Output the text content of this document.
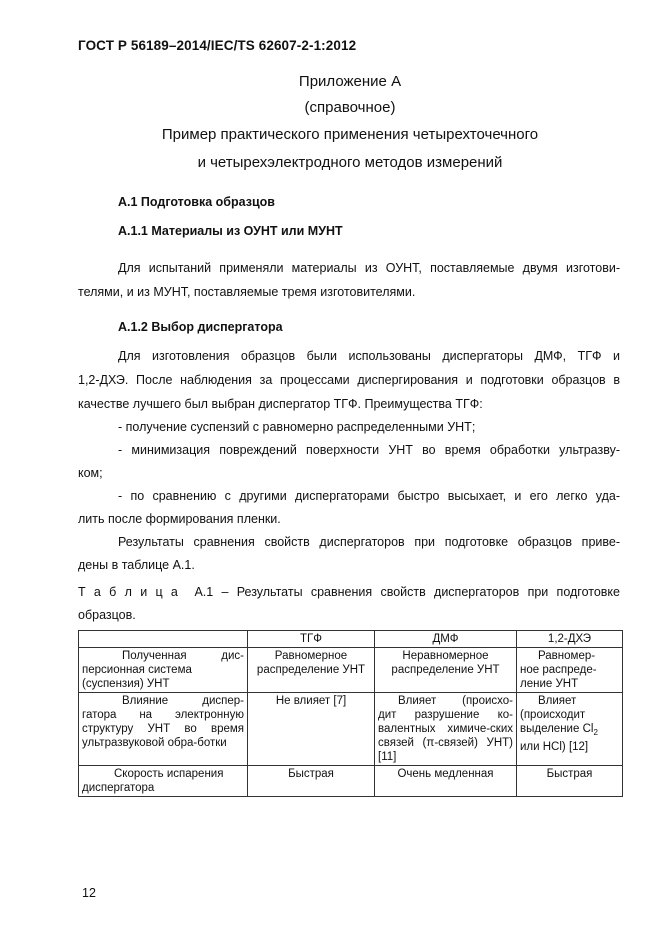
ГОСТ Р 56189–2014/IEC/TS 62607-2-1:2012
Приложение А
(справочное)
Пример практического применения четырехточечного
и четырехэлектродного методов измерений
А.1 Подготовка образцов
А.1.1 Материалы из ОУНТ или МУНТ
Для испытаний применяли материалы из ОУНТ, поставляемые двумя изготови-
телями, и из МУНТ, поставляемые тремя изготовителями.
А.1.2 Выбор диспергатора
Для изготовления образцов были использованы диспергаторы ДМФ, ТГФ и
1,2-ДХЭ. После наблюдения за процессами диспергирования и подготовки образцов в
качестве лучшего был выбран диспергатор ТГФ. Преимущества ТГФ:
- получение суспензий с равномерно распределенными УНТ;
- минимизация повреждений поверхности УНТ во время обработки ультразву-
ком;
- по сравнению с другими диспергаторами быстро высыхает, и его легко уда-
лить после формирования пленки.
Результаты сравнения свойств диспергаторов при подготовке образцов приве-
дены в таблице А.1.
Т а б л и ц а  А.1 – Результаты сравнения свойств диспергаторов при подготовке
образцов.
	ТГФ	ДМФ	1,2-ДХЭ

Полученная дис-
персионная система (суспензия) УНТ	Равномерное распределение УНТ	Неравномерное распределение УНТ	Равномер-
ное распреде-ление УНТ

Влияние диспер-
гатора на электронную структуру УНТ во время ультразвуковой обра-ботки	Не влияет [7]	Влияет (происхо-
дит разрушение ко-валентных химиче-ских связей (π-связей) УНТ)[11]	Влияет
(происходит
выделение $Cl_2$
или HCl) [12]

Скорость испарения
диспергатора	Быстрая	Очень медленная	Быстрая
12
